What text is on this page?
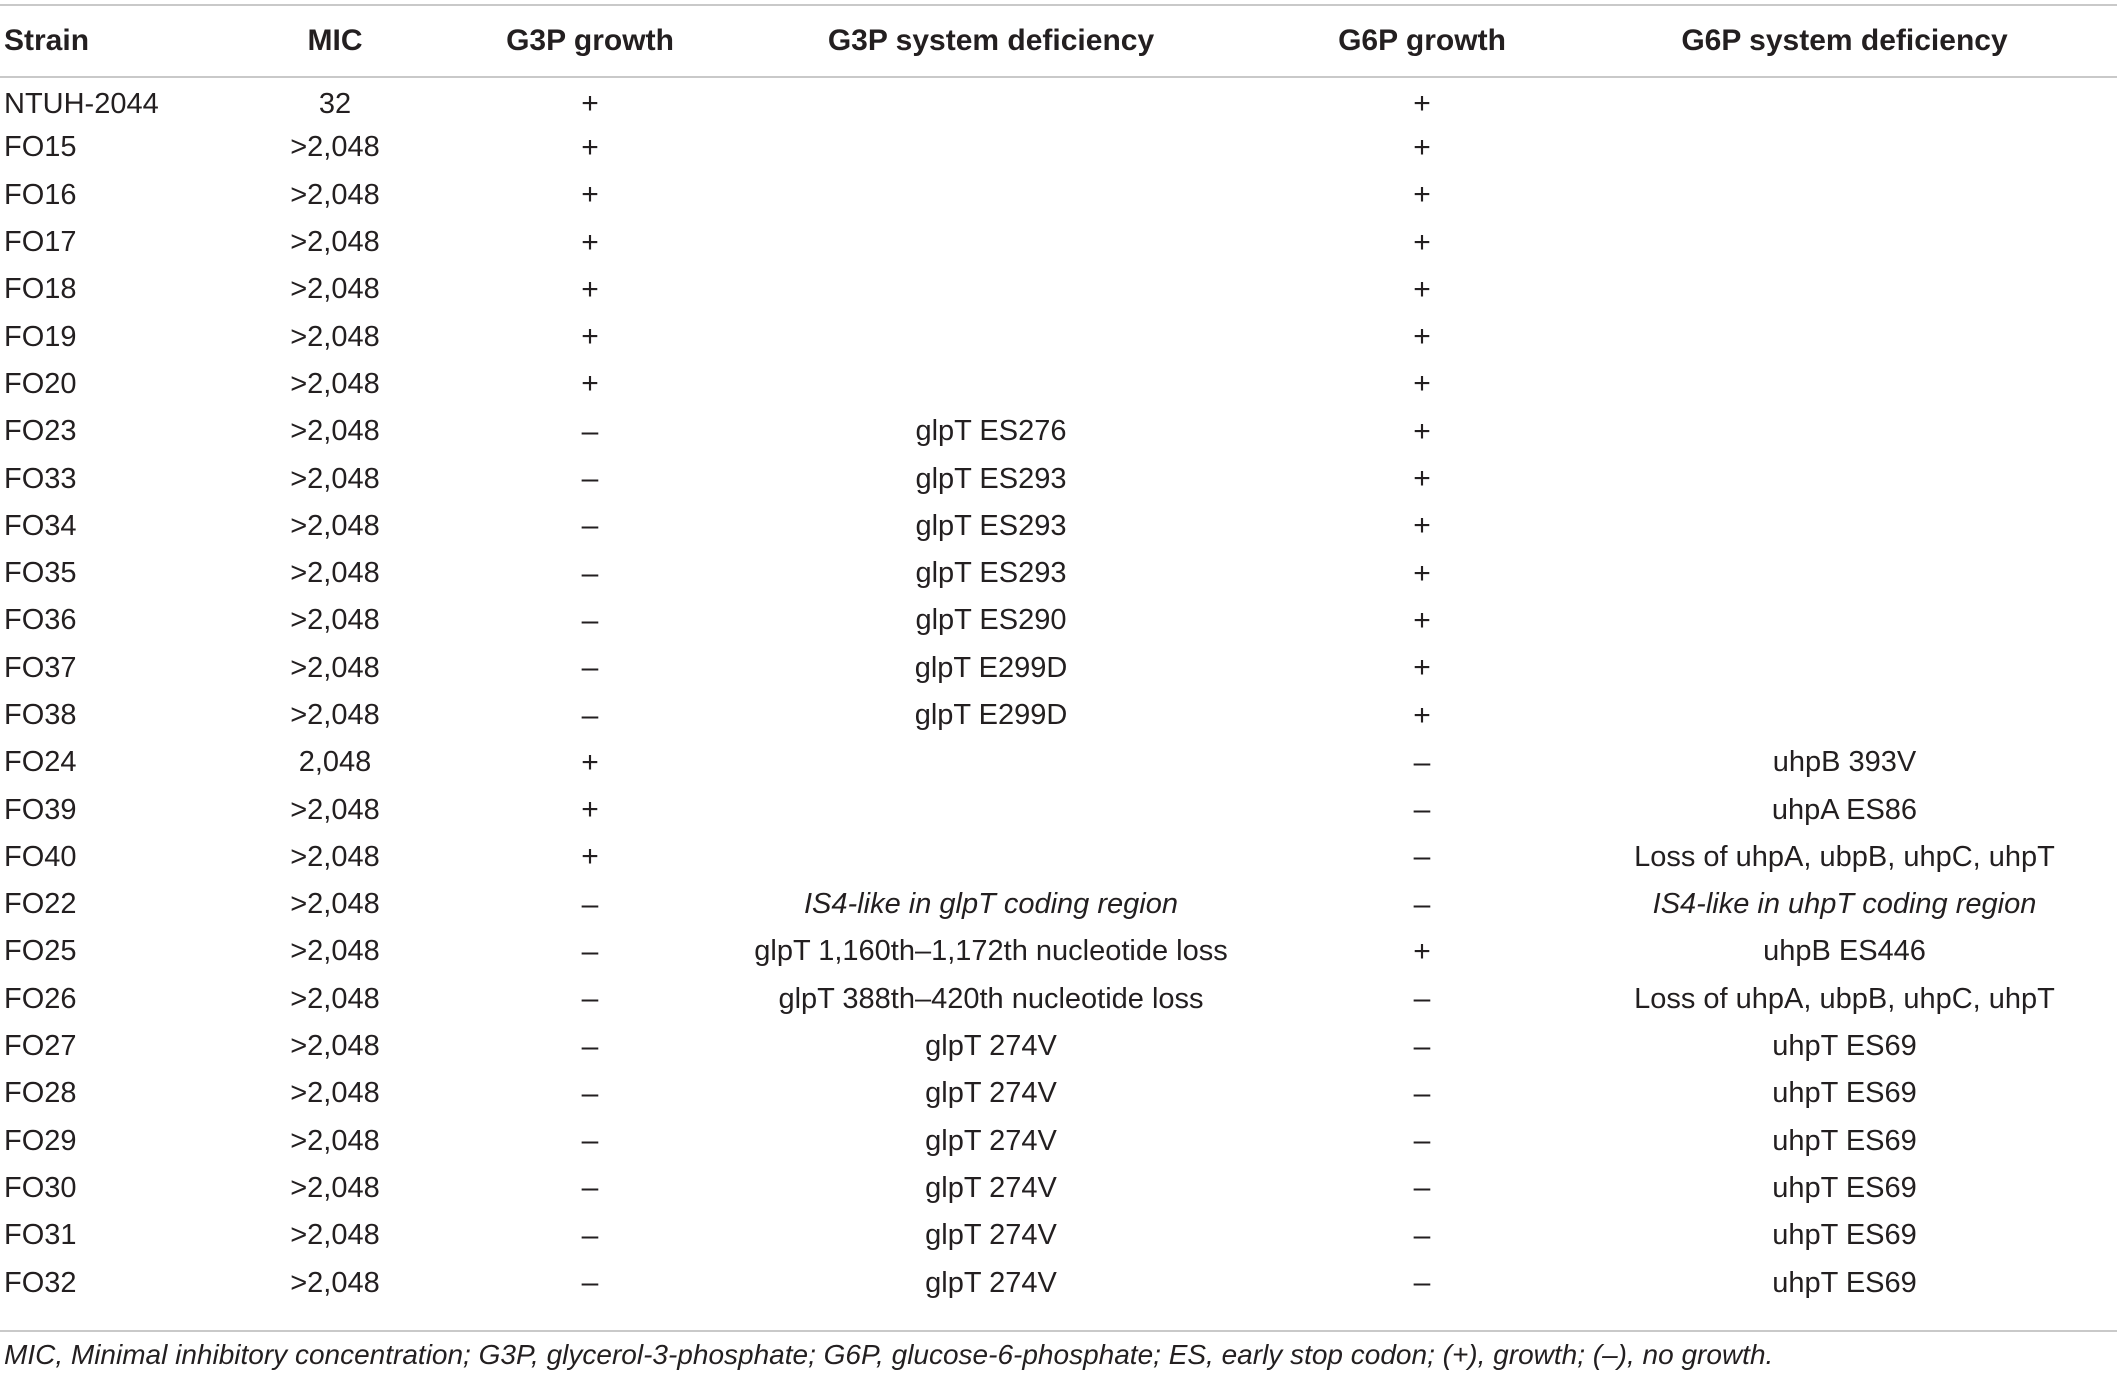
Strain	MIC	G3P growth	G3P system deficiency	G6P growth	G6P system deficiency
NTUH-2044	32	+		+	
FO15	>2,048	+		+	
FO16	>2,048	+		+	
FO17	>2,048	+		+	
FO18	>2,048	+		+	
FO19	>2,048	+		+	
FO20	>2,048	+		+	
FO23	>2,048	–	glpT ES276	+	
FO33	>2,048	–	glpT ES293	+	
FO34	>2,048	–	glpT ES293	+	
FO35	>2,048	–	glpT ES293	+	
FO36	>2,048	–	glpT ES290	+	
FO37	>2,048	–	glpT E299D	+	
FO38	>2,048	–	glpT E299D	+	
FO24	2,048	+		–	uhpB 393V
FO39	>2,048	+		–	uhpA ES86
FO40	>2,048	+		–	Loss of uhpA, ubpB, uhpC, uhpT
FO22	>2,048	–	IS4-like in glpT coding region	–	IS4-like in uhpT coding region
FO25	>2,048	–	glpT 1,160th–1,172th nucleotide loss	+	uhpB ES446
FO26	>2,048	–	glpT 388th–420th nucleotide loss	–	Loss of uhpA, ubpB, uhpC, uhpT
FO27	>2,048	–	glpT 274V	–	uhpT ES69
FO28	>2,048	–	glpT 274V	–	uhpT ES69
FO29	>2,048	–	glpT 274V	–	uhpT ES69
FO30	>2,048	–	glpT 274V	–	uhpT ES69
FO31	>2,048	–	glpT 274V	–	uhpT ES69
FO32	>2,048	–	glpT 274V	–	uhpT ES69
MIC, Minimal inhibitory concentration; G3P, glycerol-3-phosphate; G6P, glucose-6-phosphate; ES, early stop codon; (+), growth; (–), no growth.
